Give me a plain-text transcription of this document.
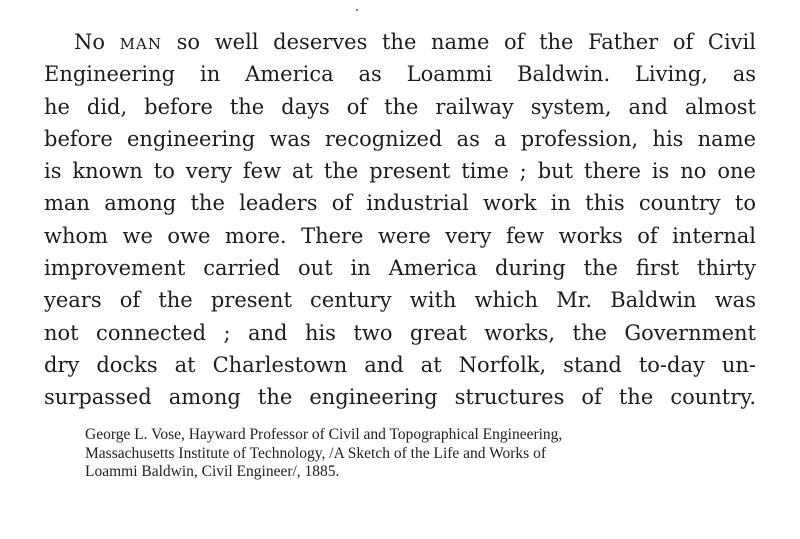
No man so well deserves the name of the Father of Civil
Engineering in America as Loammi Baldwin. Living, as
he did, before the days of the railway system, and almost
before engineering was recognized as a profession, his name
is known to very few at the present time ; but there is no one
man among the leaders of industrial work in this country to
whom we owe more. There were very few works of internal
improvement carried out in America during the first thirty
years of the present century with which Mr. Baldwin was
not connected ; and his two great works, the Government
dry docks at Charlestown and at Norfolk, stand to-day un-
surpassed among the engineering structures of the country.
George L. Vose, Hayward Professor of Civil and Topographical Engineering,
Massachusetts Institute of Technology, /A Sketch of the Life and Works of
Loammi Baldwin, Civil Engineer/, 1885.
